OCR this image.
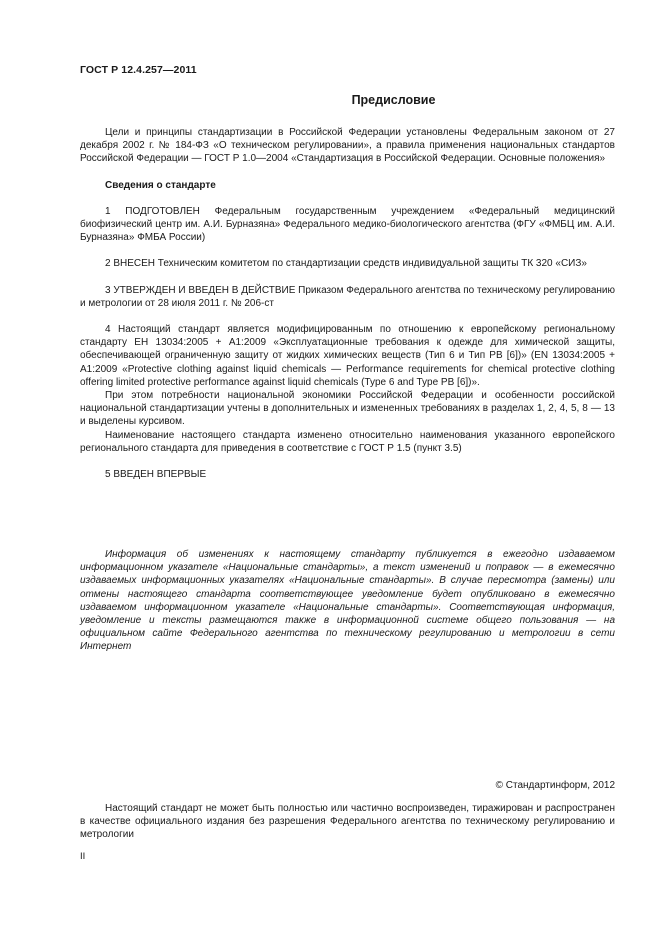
ГОСТ Р 12.4.257—2011
Предисловие

Цели и принципы стандартизации в Российской Федерации установлены Федеральным законом от 27 декабря 2002 г. № 184-ФЗ «О техническом регулировании», а правила применения национальных стандартов Российской Федерации — ГОСТ Р 1.0—2004 «Стандартизация в Российской Федерации. Основные положения»

Сведения о стандарте

1 ПОДГОТОВЛЕН Федеральным государственным учреждением «Федеральный медицинский биофизический центр им. А.И. Бурназяна» Федерального медико-биологического агентства (ФГУ «ФМБЦ им. А.И. Бурназяна» ФМБА России)

2 ВНЕСЕН Техническим комитетом по стандартизации средств индивидуальной защиты ТК 320 «СИЗ»

3 УТВЕРЖДЕН И ВВЕДЕН В ДЕЙСТВИЕ Приказом Федерального агентства по техническому регулированию и метрологии от 28 июля 2011 г. № 206-ст

4 Настоящий стандарт является модифицированным по отношению к европейскому региональному стандарту ЕН 13034:2005 + А1:2009 «Эксплуатационные требования к одежде для химической защиты, обеспечивающей ограниченную защиту от жидких химических веществ (Тип 6 и Тип РВ [6])» (EN 13034:2005 + A1:2009 «Protective clothing against liquid chemicals — Performance requirements for chemical protective clothing offering limited protective performance against liquid chemicals (Type 6 and Type PB [6])».

При этом потребности национальной экономики Российской Федерации и особенности российской национальной стандартизации учтены в дополнительных и измененных требованиях в разделах 1, 2, 4, 5, 8 — 13 и выделены курсивом.

Наименование настоящего стандарта изменено относительно наименования указанного европейского регионального стандарта для приведения в соответствие с ГОСТ Р 1.5 (пункт 3.5)

5 ВВЕДЕН ВПЕРВЫЕ

Информация об изменениях к настоящему стандарту публикуется в ежегодно издаваемом информационном указателе «Национальные стандарты», а текст изменений и поправок — в ежемесячно издаваемых информационных указателях «Национальные стандарты». В случае пересмотра (замены) или отмены настоящего стандарта соответствующее уведомление будет опубликовано в ежемесячно издаваемом информационном указателе «Национальные стандарты». Соответствующая информация, уведомление и тексты размещаются также в информационной системе общего пользования — на официальном сайте Федерального агентства по техническому регулированию и метрологии в сети Интернет

© Стандартинформ, 2012

Настоящий стандарт не может быть полностью или частично воспроизведен, тиражирован и распространен в качестве официального издания без разрешения Федерального агентства по техническому регулированию и метрологии

II
